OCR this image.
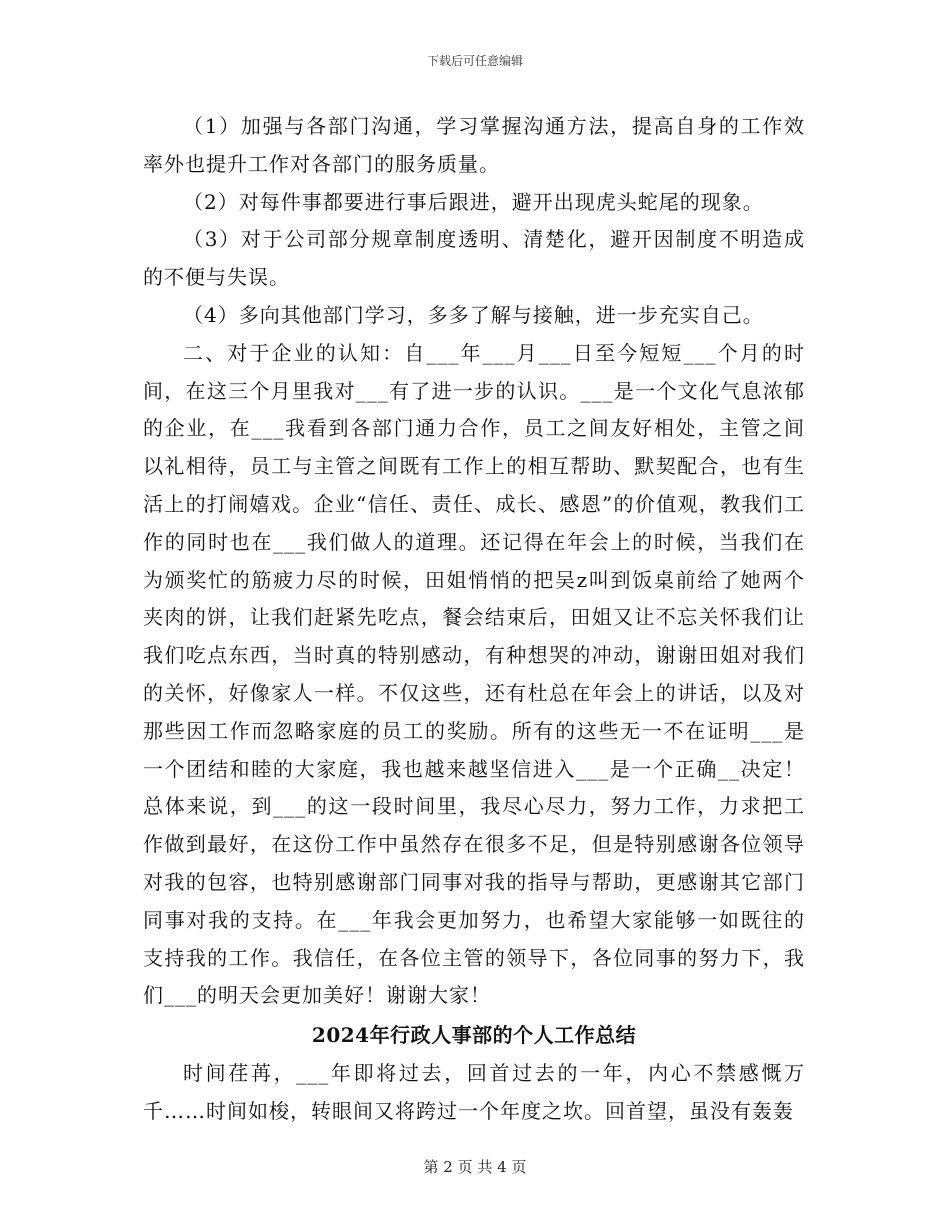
下载后可任意编辑

（1）加强与各部门沟通，学习掌握沟通方法，提高自身的工作效率外也提升工作对各部门的服务质量。

（2）对每件事都要进行事后跟进，避开出现虎头蛇尾的现象。

（3）对于公司部分规章制度透明、清楚化，避开因制度不明造成的不便与失误。

（4）多向其他部门学习，多多了解与接触，进一步充实自己。

二、对于企业的认知：自___年___月___日至今短短___个月的时间，在这三个月里我对___有了进一步的认识。___是一个文化气息浓郁的企业，在___我看到各部门通力合作，员工之间友好相处，主管之间以礼相待，员工与主管之间既有工作上的相互帮助、默契配合，也有生活上的打闹嬉戏。企业“信任、责任、成长、感恩”的价值观，教我们工作的同时也在___我们做人的道理。还记得在年会上的时候，当我们在为颁奖忙的筋疲力尽的时候，田姐悄悄的把吴z叫到饭桌前给了她两个夹肉的饼，让我们赶紧先吃点，餐会结束后，田姐又让不忘关怀我们让我们吃点东西，当时真的特别感动，有种想哭的冲动，谢谢田姐对我们的关怀，好像家人一样。不仅这些，还有杜总在年会上的讲话，以及对那些因工作而忽略家庭的员工的奖励。所有的这些无一不在证明___是一个团结和睦的大家庭，我也越来越坚信进入___是一个正确__决定！总体来说，到___的这一段时间里，我尽心尽力，努力工作，力求把工作做到最好，在这份工作中虽然存在很多不足，但是特别感谢各位领导对我的包容，也特别感谢部门同事对我的指导与帮助，更感谢其它部门同事对我的支持。在___年我会更加努力，也希望大家能够一如既往的支持我的工作。我信任，在各位主管的领导下，各位同事的努力下，我们___的明天会更加美好！谢谢大家！

2024年行政人事部的个人工作总结

时间荏苒，___年即将过去，回首过去的一年，内心不禁感慨万千……时间如梭，转眼间又将跨过一个年度之坎。回首望，虽没有轰轰

第 2 页 共 4 页
